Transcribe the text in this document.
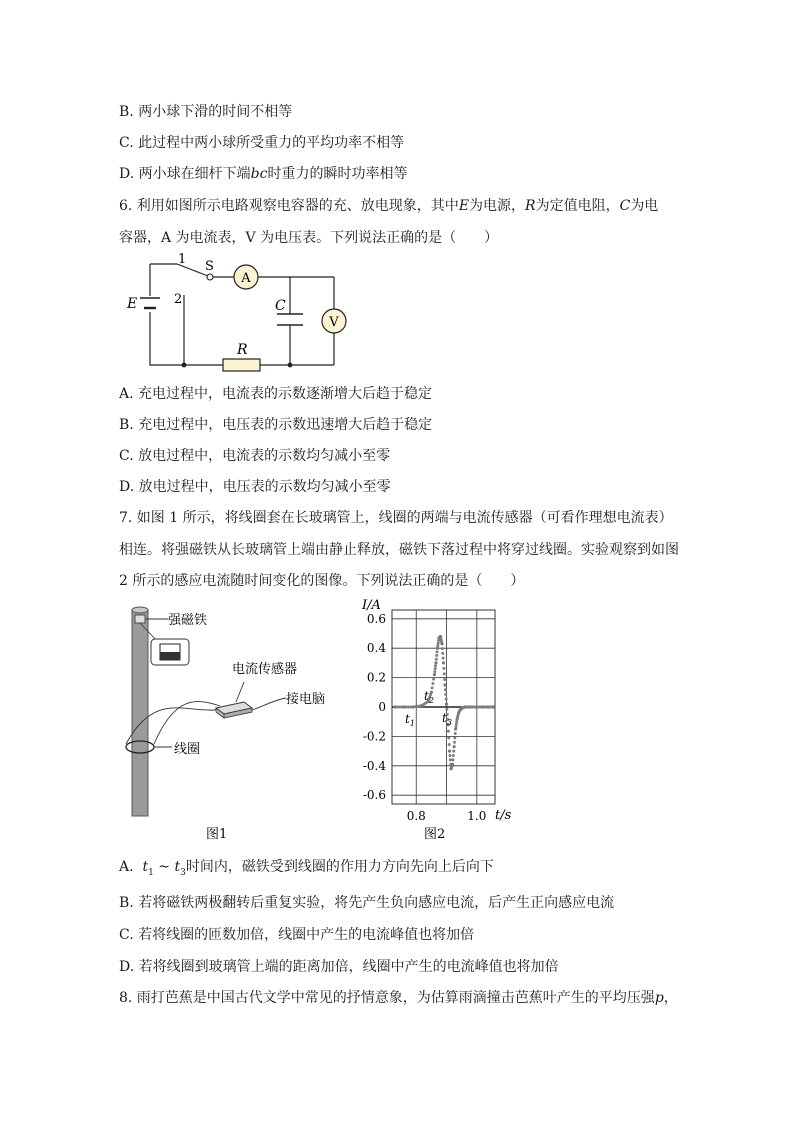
B. 两小球下滑的时间不相等
C. 此过程中两小球所受重力的平均功率不相等
D. 两小球在细杆下端bc时重力的瞬时功率相等
6. 利用如图所示电路观察电容器的充、放电现象，其中E为电源，R为定值电阻，C为电
容器，A 为电流表，V 为电压表。下列说法正确的是（　　）
1
2
S
A
V
E	C
R
A. 充电过程中，电流表的示数逐渐增大后趋于稳定
B. 充电过程中，电压表的示数迅速增大后趋于稳定
C. 放电过程中，电流表的示数均匀减小至零
D. 放电过程中，电压表的示数均匀减小至零
7. 如图 1 所示，将线圈套在长玻璃管上，线圈的两端与电流传感器（可看作理想电流表）
相连。将强磁铁从长玻璃管上端由静止释放，磁铁下落过程中将穿过线圈。实验观察到如图
2 所示的感应电流随时间变化的图像。下列说法正确的是（　　）
强磁铁
线圈
电流传感器
接电脑
图1
0.6
0.4
0.2
0
-0.2
-0.4
-0.6
0.8	1.0
I/A
t/s
$t_2$
$t_1$ $t_3$
图2
A. $t_1$ ~ $t_3$时间内，磁铁受到线圈的作用力方向先向上后向下
B. 若将磁铁两极翻转后重复实验，将先产生负向感应电流，后产生正向感应电流
C. 若将线圈的匝数加倍，线圈中产生的电流峰值也将加倍
D. 若将线圈到玻璃管上端的距离加倍，线圈中产生的电流峰值也将加倍
8. 雨打芭蕉是中国古代文学中常见的抒情意象，为估算雨滴撞击芭蕉叶产生的平均压强p，
